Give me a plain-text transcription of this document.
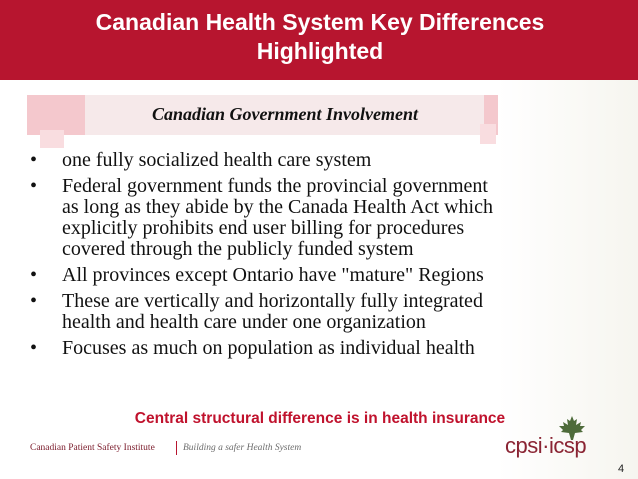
Canadian Health System Key Differences
Highlighted
Canadian Government Involvement
• one fully socialized health care system
• Federal government funds the provincial government
as long as they abide by the Canada Health Act which
explicitly prohibits end user billing for procedures
covered through the publicly funded system
• All provinces except Ontario have "mature" Regions
• These are vertically and horizontally fully integrated
health and health care under one organization
• Focuses as much on population as individual health
Central structural difference is in health insurance
Canadian Patient Safety Institute	Building a safer Health System	cpsi·icsp
4
